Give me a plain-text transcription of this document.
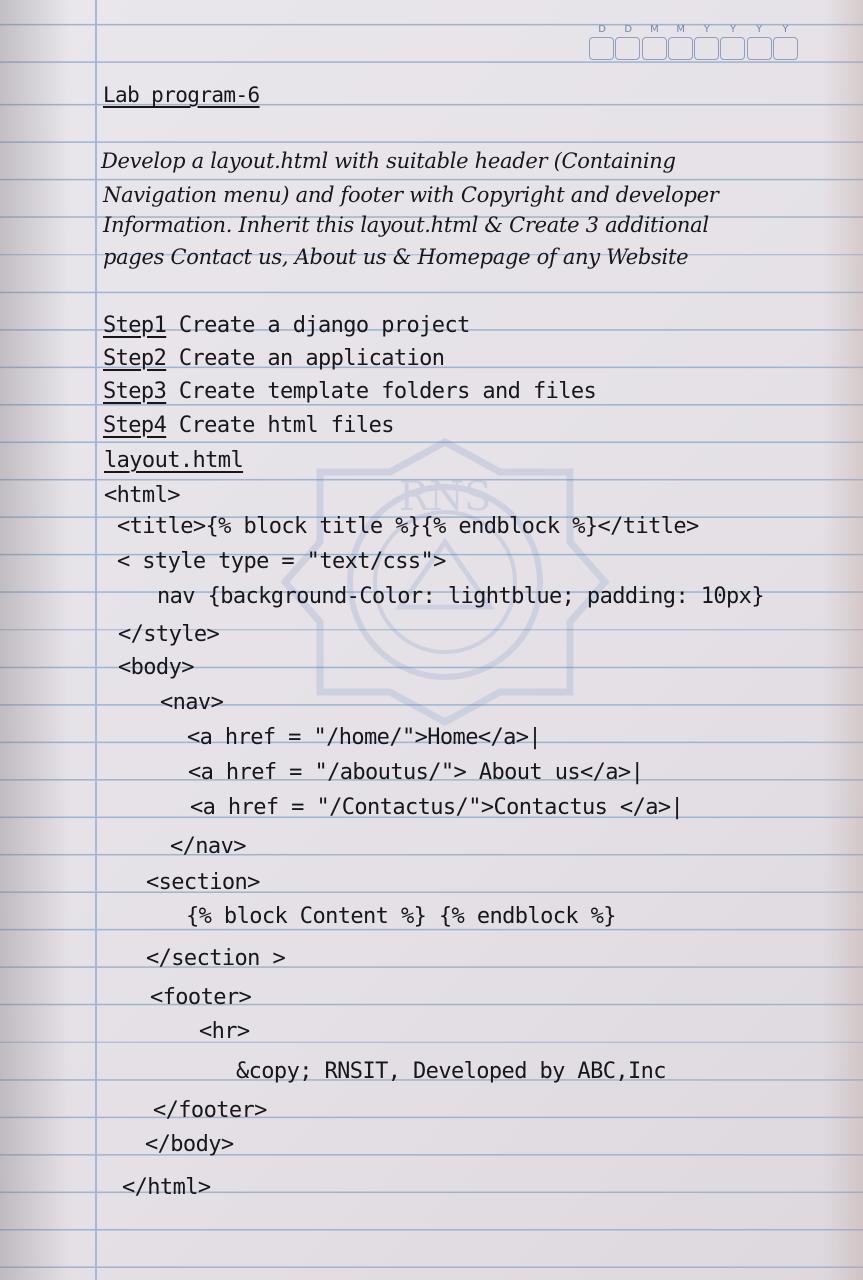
D	D	M	M	Y	Y	Y	Y
RNS
Lab program-6
Develop a layout.html with suitable header (Containing
Navigation menu) and footer with Copyright and developer
Information. Inherit this layout.html & Create 3 additional
pages Contact us, About us & Homepage of any Website
Step1 Create a django project
Step2 Create an application
Step3 Create template folders and files
Step4 Create html files
layout.html
<html>
<title>{% block title %}{% endblock %}</title>
< style type = "text/css">
nav {background-Color: lightblue; padding: 10px}
</style>
<body>
<nav>
<a href = "/home/">Home</a>|
<a href = "/aboutus/"> About us</a>|
<a href = "/Contactus/">Contactus </a>|
</nav>
<section>
{% block Content %} {% endblock %}
</section >
<footer>
<hr>
&copy; RNSIT, Developed by ABC,Inc
</footer>
</body>
</html>
